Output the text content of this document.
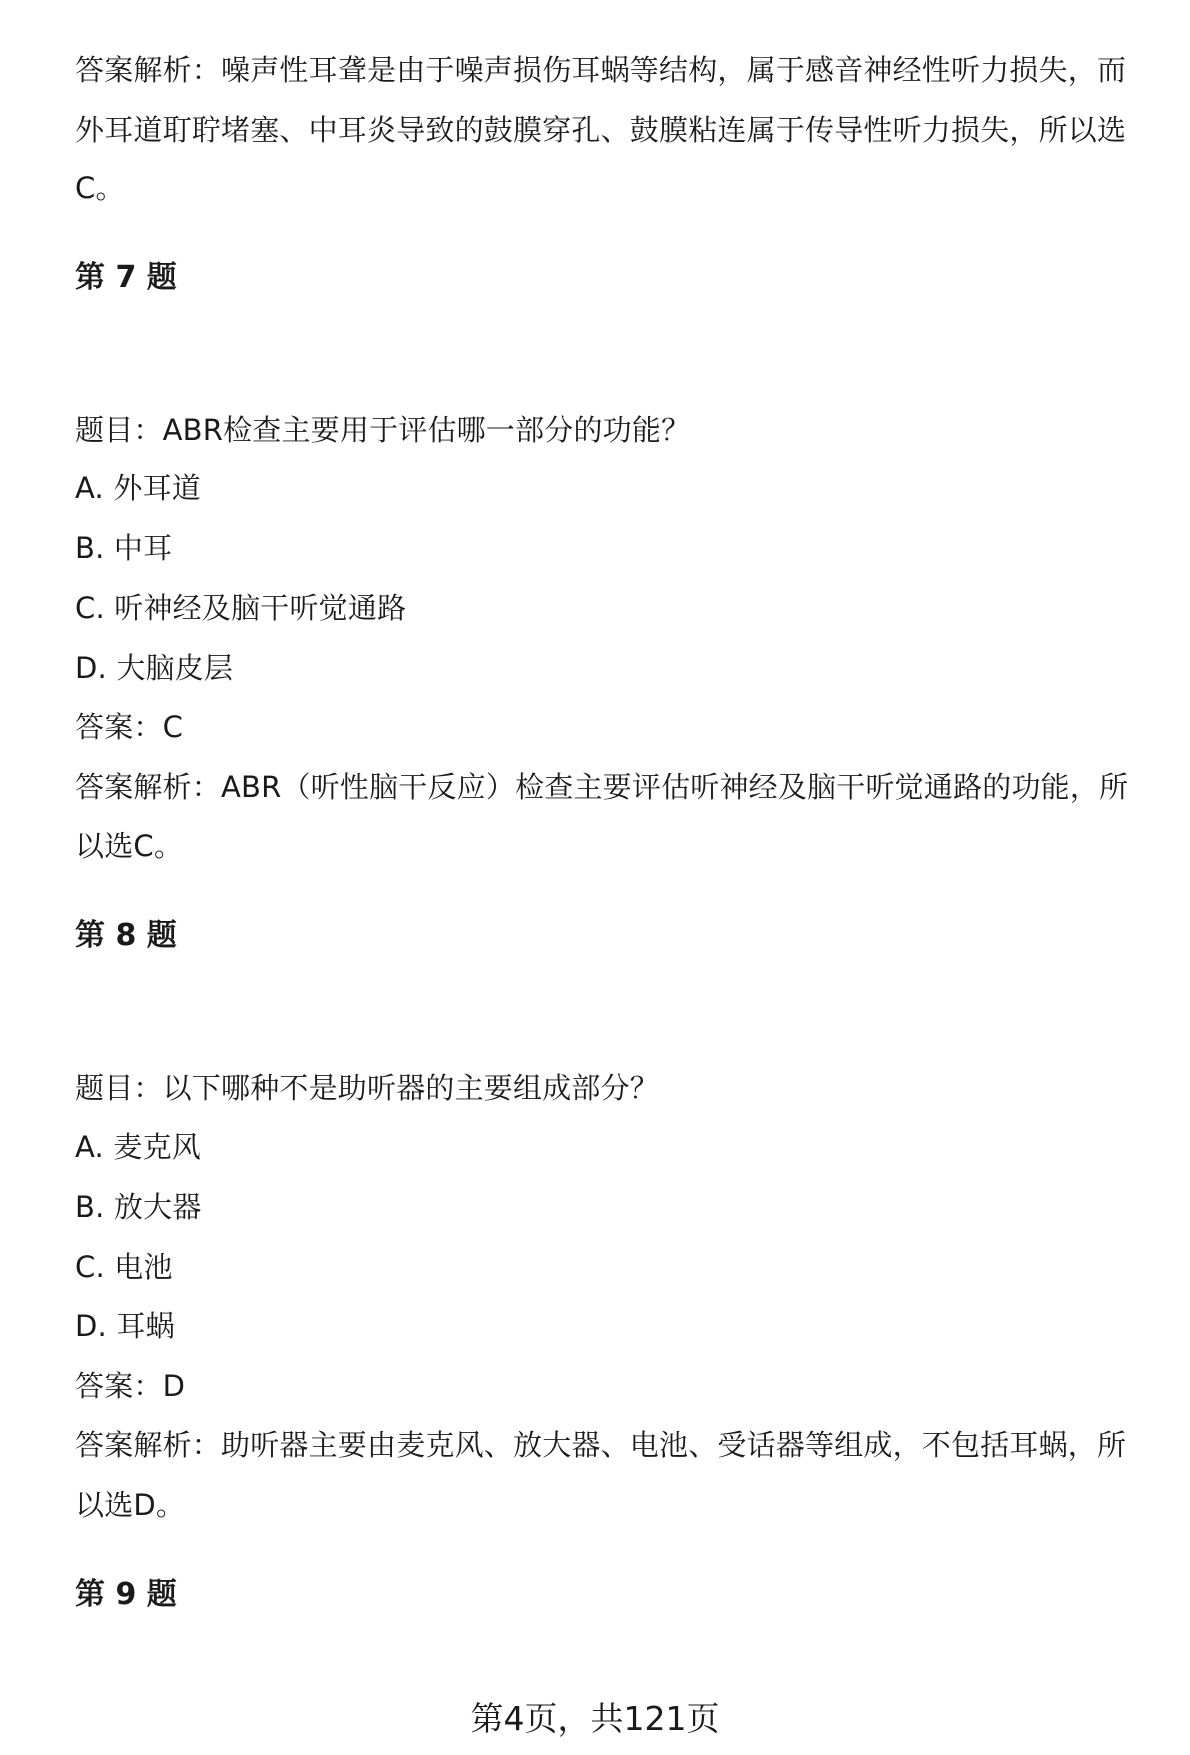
答案解析：噪声性耳聋是由于噪声损伤耳蜗等结构，属于感音神经性听力损失，而
外耳道耵聍堵塞、中耳炎导致的鼓膜穿孔、鼓膜粘连属于传导性听力损失，所以选
C。
第 7 题
题目：ABR检查主要用于评估哪一部分的功能？
A. 外耳道
B. 中耳
C. 听神经及脑干听觉通路
D. 大脑皮层
答案：C
答案解析：ABR（听性脑干反应）检查主要评估听神经及脑干听觉通路的功能，所
以选C。
第 8 题
题目：以下哪种不是助听器的主要组成部分？
A. 麦克风
B. 放大器
C. 电池
D. 耳蜗
答案：D
答案解析：助听器主要由麦克风、放大器、电池、受话器等组成，不包括耳蜗，所
以选D。
第 9 题
第4页，共121页
